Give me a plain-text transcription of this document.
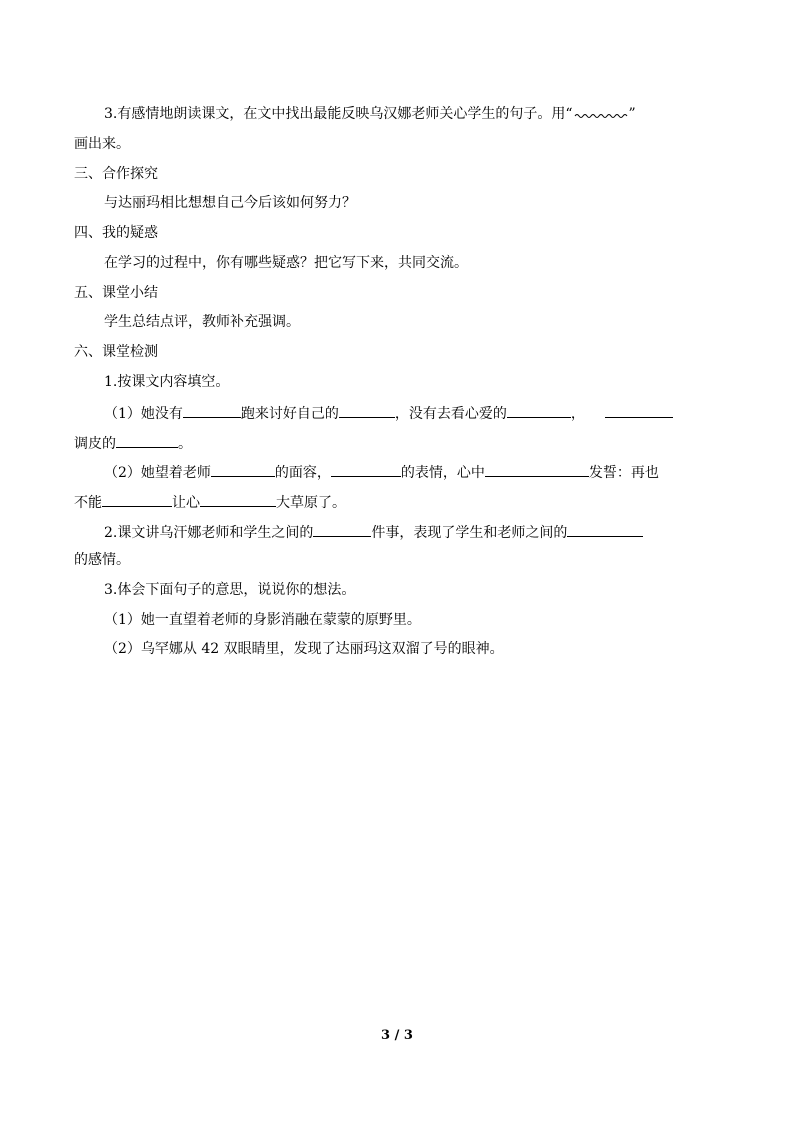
3.有感情地朗读课文，在文中找出最能反映乌汉娜老师关心学生的句子。用“	”
画出来。
三、合作探究
与达丽玛相比想想自己今后该如何努力？
四、我的疑惑
在学习的过程中，你有哪些疑惑？把它写下来，共同交流。
五、课堂小结
学生总结点评，教师补充强调。
六、课堂检测
1.按课文内容填空。
（1）她没有	跑来讨好自己的	，没有去看心爱的	，
调皮的	。
（2）她望着老师	的面容，	的表情，心中	发誓：再也
不能	让心	大草原了。
2.课文讲乌汗娜老师和学生之间的	件事，表现了学生和老师之间的
的感情。
3.体会下面句子的意思，说说你的想法。
（1）她一直望着老师的身影消融在蒙蒙的原野里。
（2）乌罕娜从 42 双眼睛里，发现了达丽玛这双溜了号的眼神。
3 / 3
